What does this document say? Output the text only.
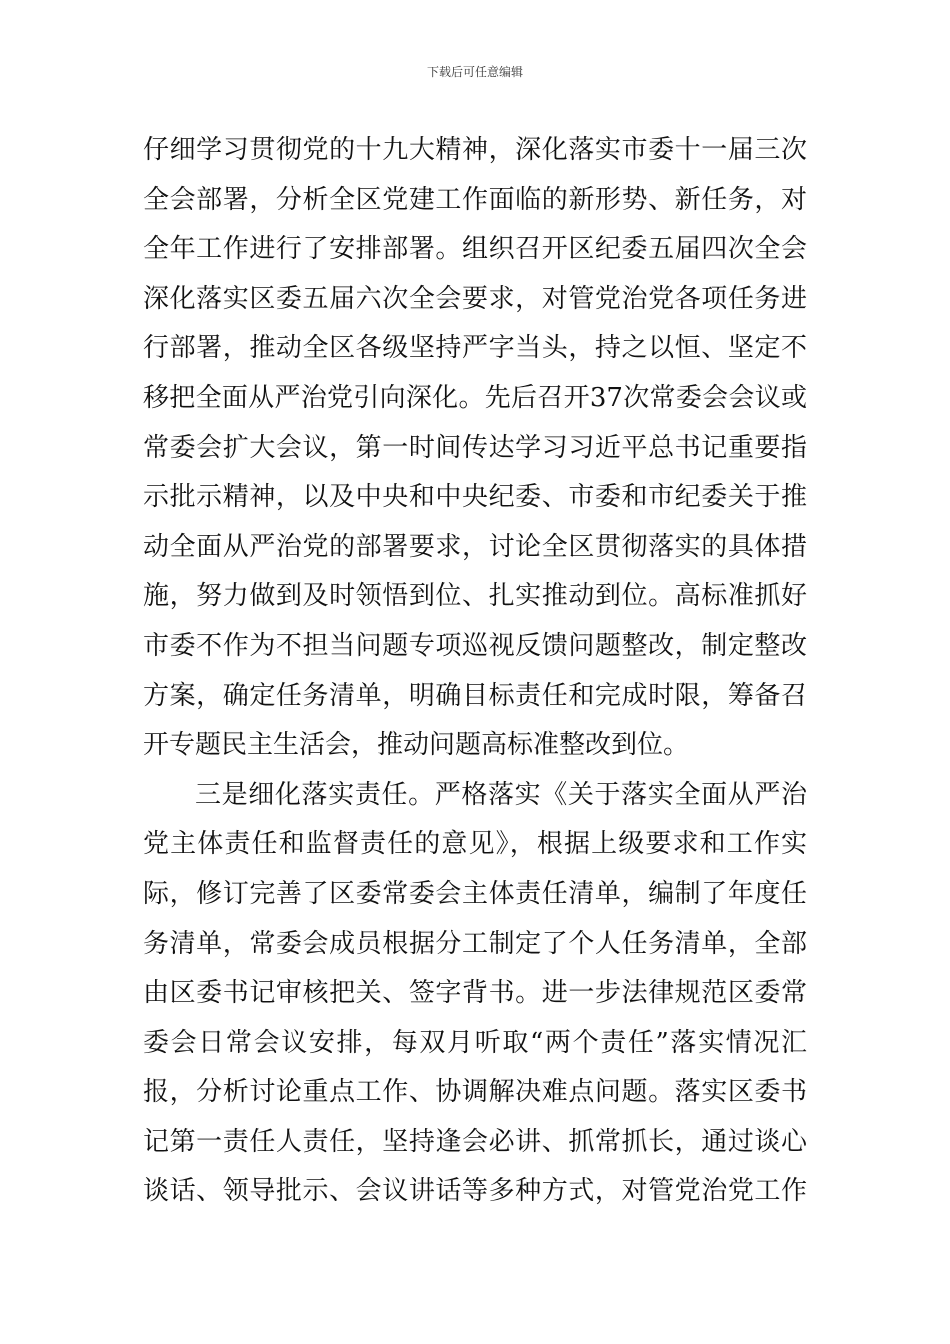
下载后可任意编辑
仔细学习贯彻党的十九大精神，深化落实市委十一届三次
全会部署，分析全区党建工作面临的新形势、新任务，对
全年工作进行了安排部署。组织召开区纪委五届四次全会
深化落实区委五届六次全会要求，对管党治党各项任务进
行部署，推动全区各级坚持严字当头，持之以恒、坚定不
移把全面从严治党引向深化。先后召开37次常委会会议或
常委会扩大会议，第一时间传达学习习近平总书记重要指
示批示精神，以及中央和中央纪委、市委和市纪委关于推
动全面从严治党的部署要求，讨论全区贯彻落实的具体措
施，努力做到及时领悟到位、扎实推动到位。高标准抓好
市委不作为不担当问题专项巡视反馈问题整改，制定整改
方案，确定任务清单，明确目标责任和完成时限，筹备召
开专题民主生活会，推动问题高标准整改到位。
三是细化落实责任。严格落实《关于落实全面从严治
党主体责任和监督责任的意见》，根据上级要求和工作实
际，修订完善了区委常委会主体责任清单，编制了年度任
务清单，常委会成员根据分工制定了个人任务清单，全部
由区委书记审核把关、签字背书。进一步法律规范区委常
委会日常会议安排，每双月听取“两个责任”落实情况汇
报，分析讨论重点工作、协调解决难点问题。落实区委书
记第一责任人责任，坚持逢会必讲、抓常抓长，通过谈心
谈话、领导批示、会议讲话等多种方式，对管党治党工作
